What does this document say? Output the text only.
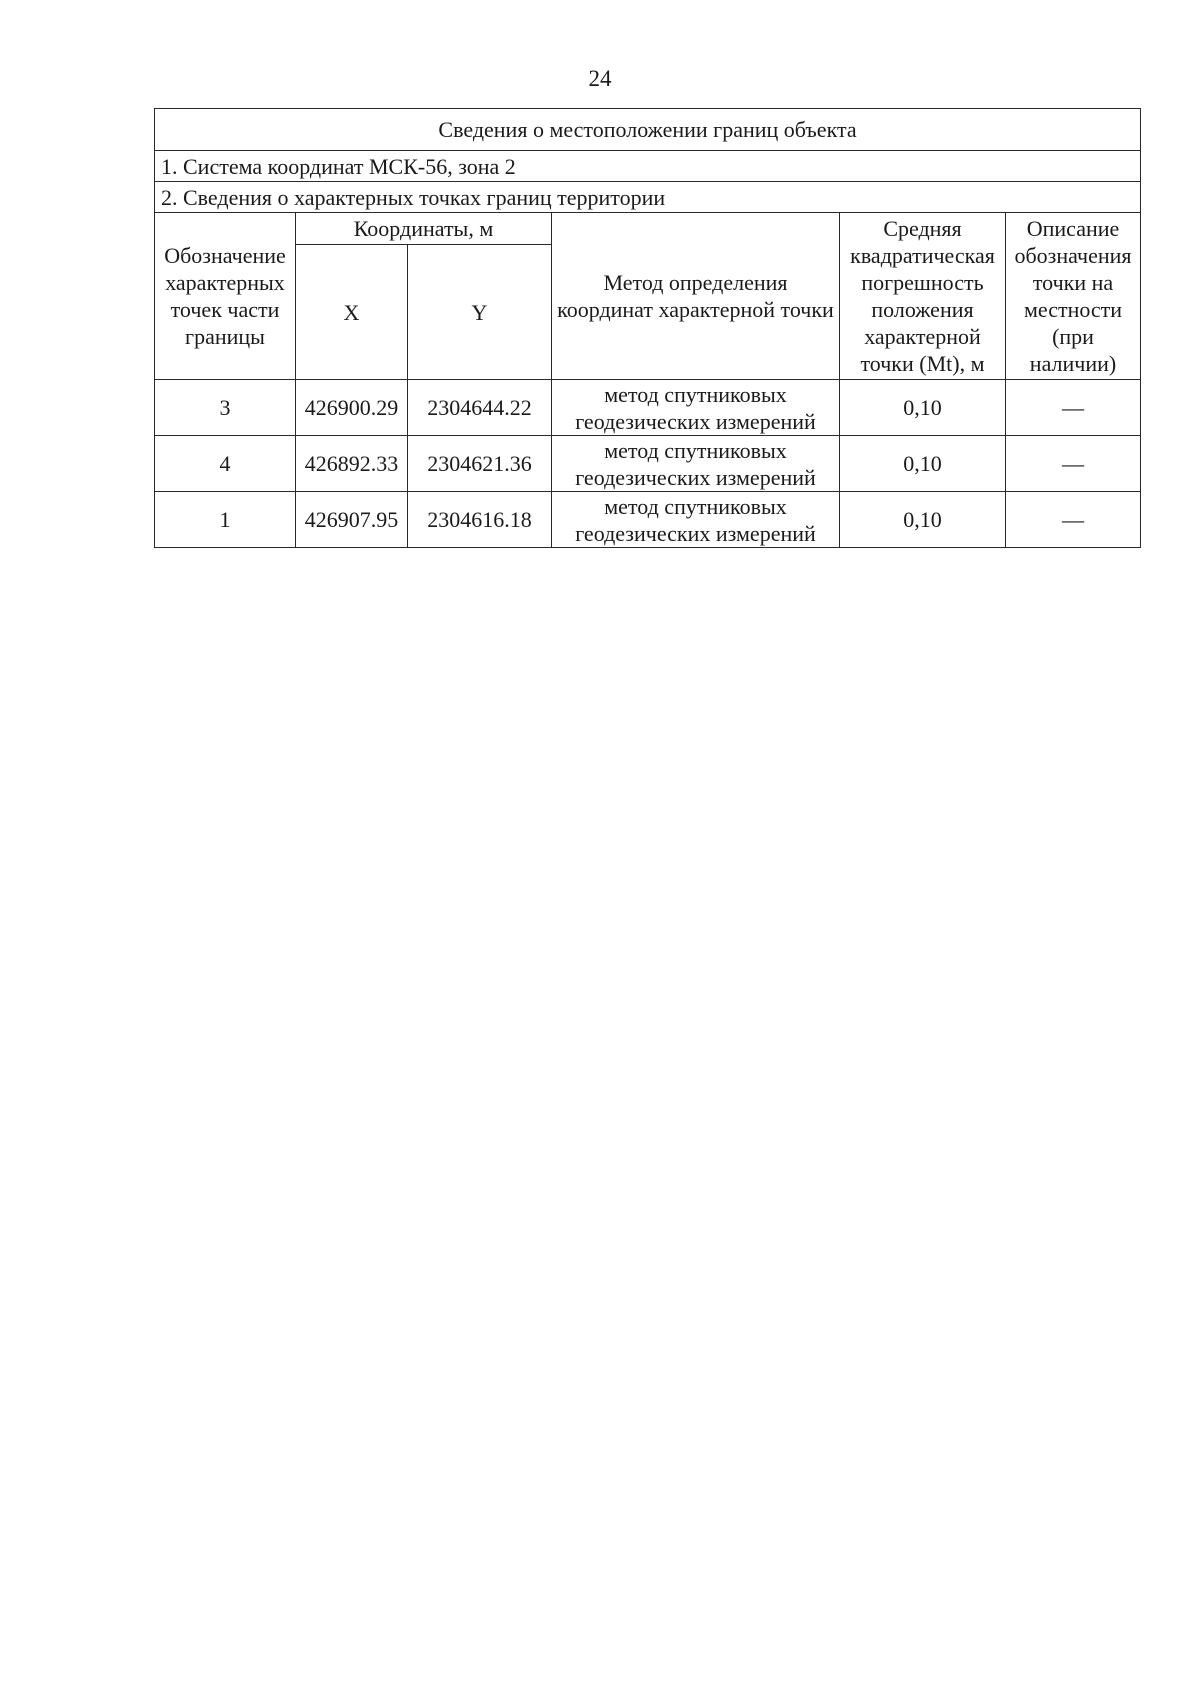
24
Сведения о местоположении границ объекта					
1. Система координат МСК-56, зона 2					
2. Сведения о характерных точках границ территории					
Обозначение характерных точек части границы	Координаты, м		Метод определения координат характерной точки	Средняя квадратическая погрешность положения характерной точки (Mt), м	Описание обозначения точки на местности (при наличии)
	X	Y			
3	426900.29	2304644.22	метод спутниковых геодезических измерений	0,10	—
4	426892.33	2304621.36	метод спутниковых геодезических измерений	0,10	—
1	426907.95	2304616.18	метод спутниковых геодезических измерений	0,10	—
